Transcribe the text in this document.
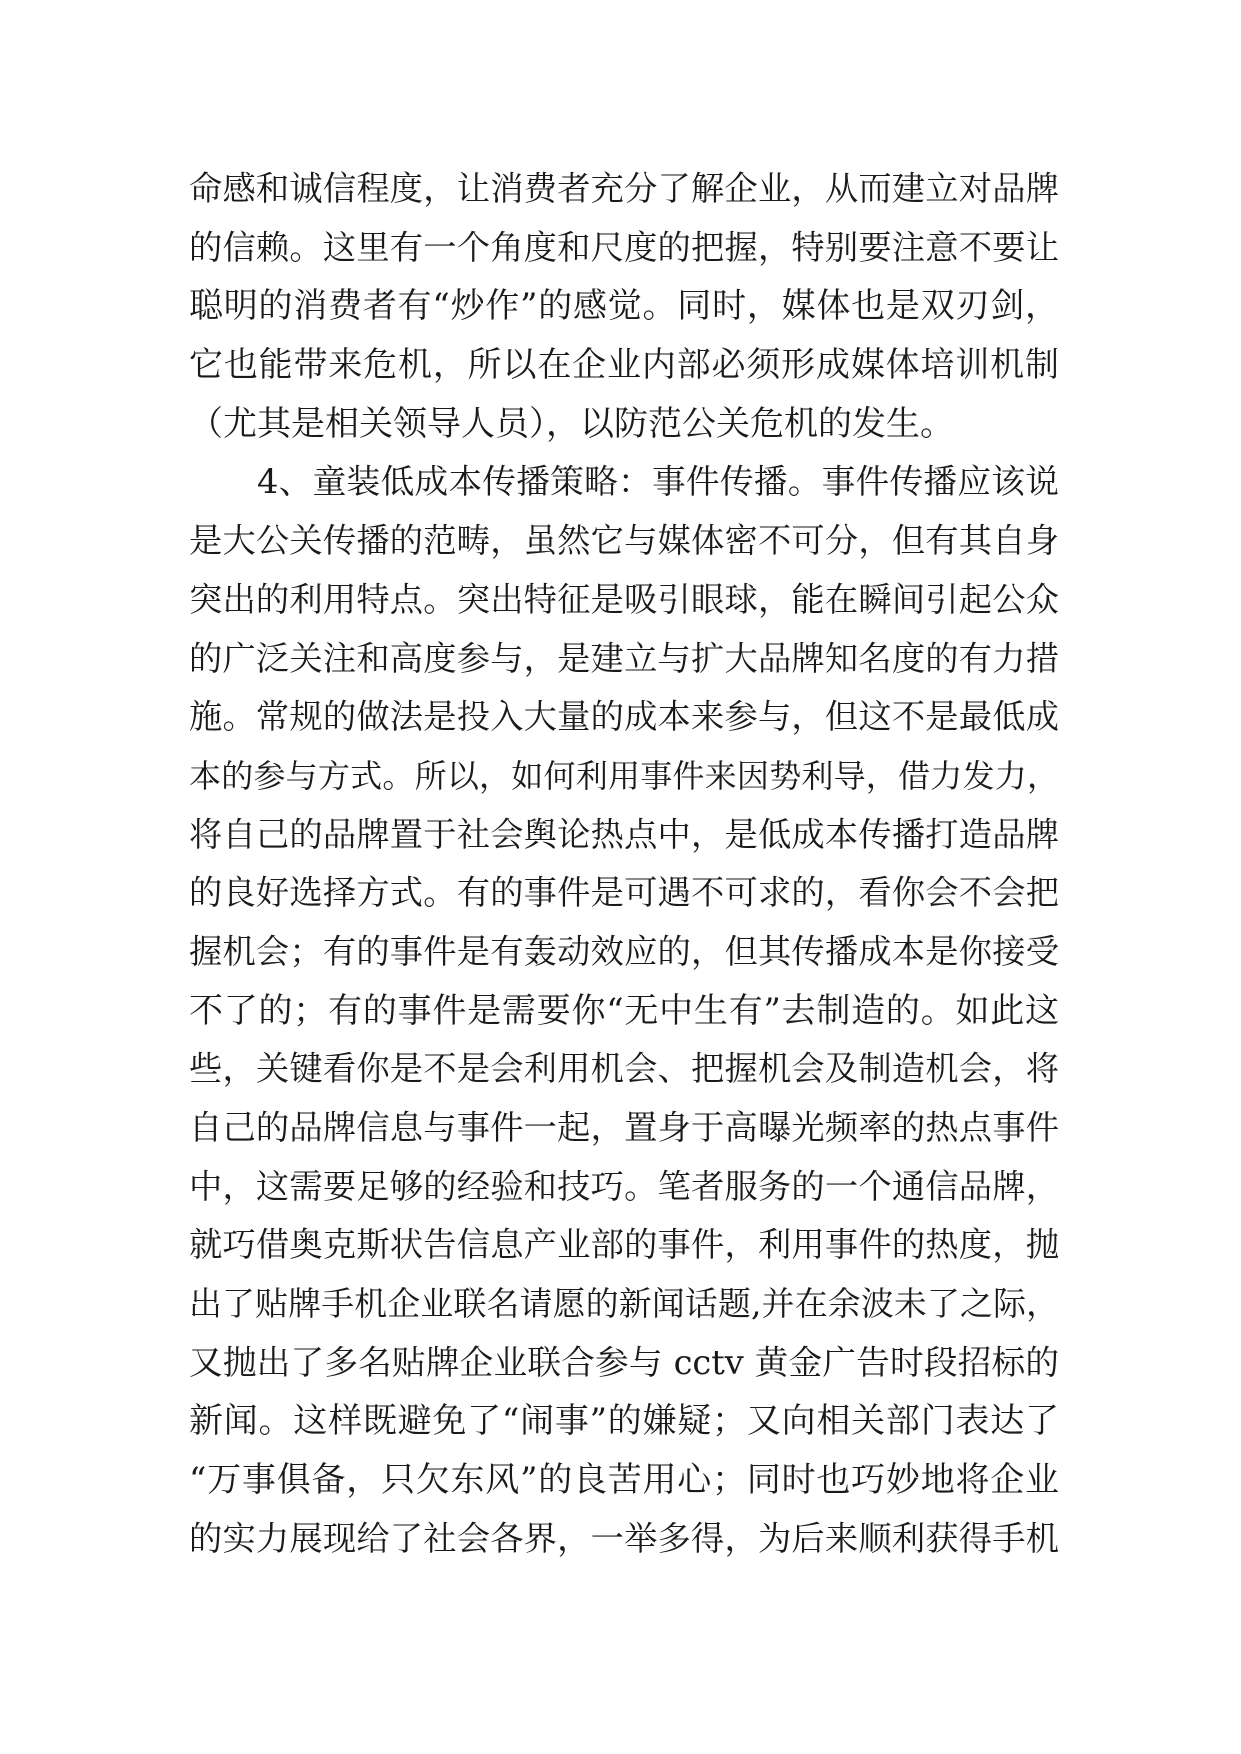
命感和诚信程度，让消费者充分了解企业，从而建立对品牌
的信赖。这里有一个角度和尺度的把握，特别要注意不要让
聪明的消费者有“炒作”的感觉。同时，媒体也是双刃剑，
它也能带来危机，所以在企业内部必须形成媒体培训机制
（尤其是相关领导人员），以防范公关危机的发生。
4、童装低成本传播策略：事件传播。事件传播应该说
是大公关传播的范畴，虽然它与媒体密不可分，但有其自身
突出的利用特点。突出特征是吸引眼球，能在瞬间引起公众
的广泛关注和高度参与，是建立与扩大品牌知名度的有力措
施。常规的做法是投入大量的成本来参与，但这不是最低成
本的参与方式。所以，如何利用事件来因势利导，借力发力，
将自己的品牌置于社会舆论热点中，是低成本传播打造品牌
的良好选择方式。有的事件是可遇不可求的，看你会不会把
握机会；有的事件是有轰动效应的，但其传播成本是你接受
不了的；有的事件是需要你“无中生有”去制造的。如此这
些，关键看你是不是会利用机会、把握机会及制造机会，将
自己的品牌信息与事件一起，置身于高曝光频率的热点事件
中，这需要足够的经验和技巧。笔者服务的一个通信品牌，
就巧借奥克斯状告信息产业部的事件，利用事件的热度，抛
出了贴牌手机企业联名请愿的新闻话题,并在余波未了之际，
又抛出了多名贴牌企业联合参与 cctv 黄金广告时段招标的
新闻。这样既避免了“闹事”的嫌疑；又向相关部门表达了
“万事俱备，只欠东风”的良苦用心；同时也巧妙地将企业
的实力展现给了社会各界，一举多得，为后来顺利获得手机
